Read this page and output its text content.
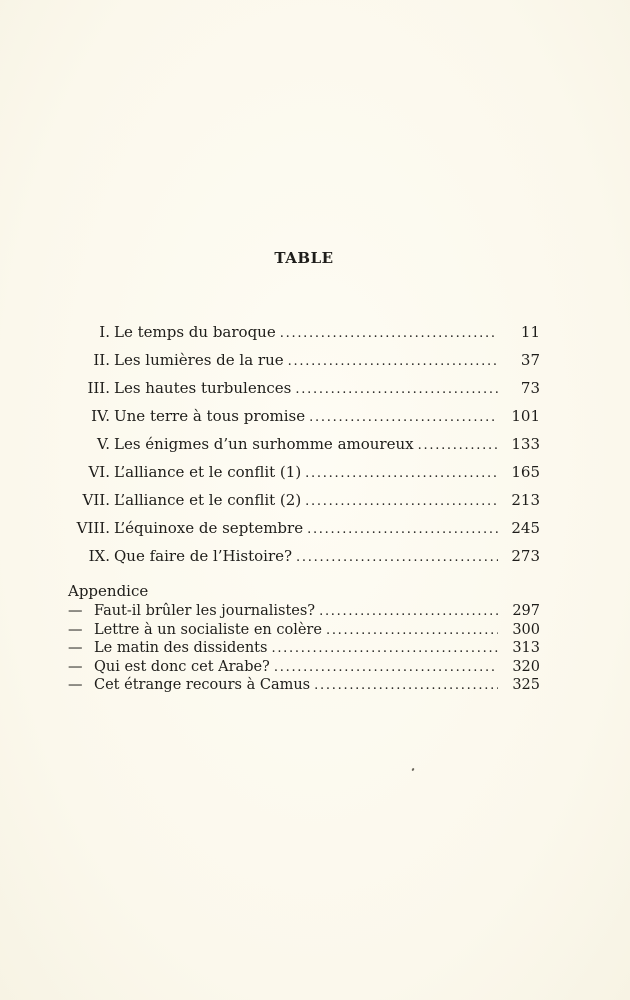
TABLE
I. Le temps du baroque . . .	11
II. Les lumières de la rue . . .	37
III. Les hautes turbulences . . .	73
IV. Une terre à tous promise . . .	101
V. Les énigmes d’un surhomme amoureux . . .	133
VI. L’alliance et le conflit (1) . . .	165
VII. L’alliance et le conflit (2) . . .	213
VIII. L’équinoxe de septembre . . .	245
IX. Que faire de l’Histoire? . . .	273
Appendice
— Faut-il brûler les journalistes? . . .	297
— Lettre à un socialiste en colère . . .	300
— Le matin des dissidents . . .	313
— Qui est donc cet Arabe? . . .	320
— Cet étrange recours à Camus . . .	325
